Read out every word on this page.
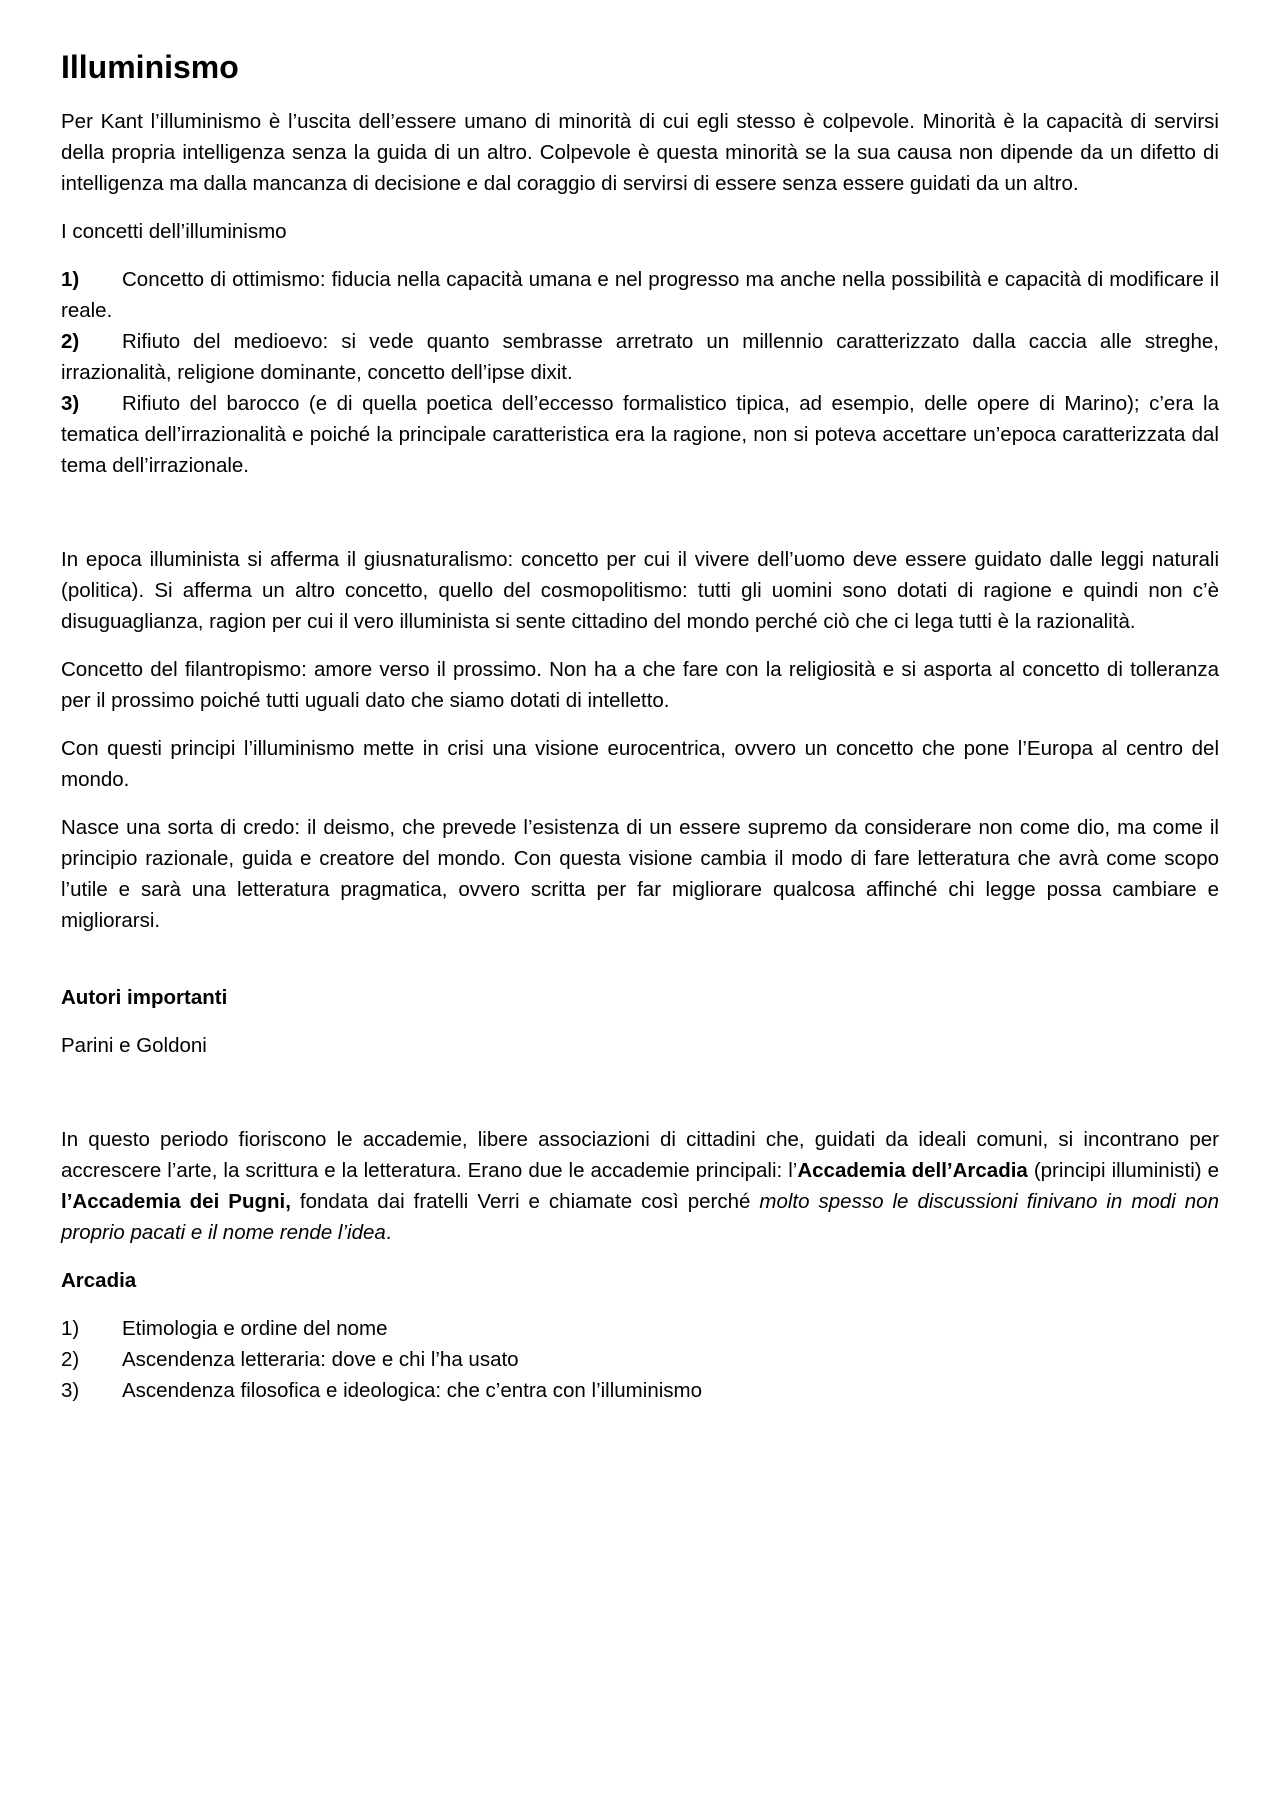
Illuminismo

Per Kant l’illuminismo è l’uscita dell’essere umano di minorità di cui egli stesso è colpevole. Minorità è la capacità di servirsi della propria intelligenza senza la guida di un altro. Colpevole è questa minorità se la sua causa non dipende da un difetto di intelligenza ma dalla mancanza di decisione e dal coraggio di servirsi di essere senza essere guidati da un altro.

I concetti dell’illuminismo

1) Concetto di ottimismo: fiducia nella capacità umana e nel progresso ma anche nella possibilità e capacità di modificare il reale.
2) Rifiuto del medioevo: si vede quanto sembrasse arretrato un millennio caratterizzato dalla caccia alle streghe, irrazionalità, religione dominante, concetto dell’ipse dixit.
3) Rifiuto del barocco (e di quella poetica dell’eccesso formalistico tipica, ad esempio, delle opere di Marino); c’era la tematica dell’irrazionalità e poiché la principale caratteristica era la ragione, non si poteva accettare un’epoca caratterizzata dal tema dell’irrazionale.

In epoca illuminista si afferma il giusnaturalismo: concetto per cui il vivere dell’uomo deve essere guidato dalle leggi naturali (politica). Si afferma un altro concetto, quello del cosmopolitismo: tutti gli uomini sono dotati di ragione e quindi non c’è disuguaglianza, ragion per cui il vero illuminista si sente cittadino del mondo perché ciò che ci lega tutti è la razionalità.

Concetto del filantropismo: amore verso il prossimo. Non ha a che fare con la religiosità e si asporta al concetto di tolleranza per il prossimo poiché tutti uguali dato che siamo dotati di intelletto.

Con questi principi l’illuminismo mette in crisi una visione eurocentrica, ovvero un concetto che pone l’Europa al centro del mondo.

Nasce una sorta di credo: il deismo, che prevede l’esistenza di un essere supremo da considerare non come dio, ma come il principio razionale, guida e creatore del mondo. Con questa visione cambia il modo di fare letteratura che avrà come scopo l’utile e sarà una letteratura pragmatica, ovvero scritta per far migliorare qualcosa affinché chi legge possa cambiare e migliorarsi.

Autori importanti

Parini e Goldoni

In questo periodo fioriscono le accademie, libere associazioni di cittadini che, guidati da ideali comuni, si incontrano per accrescere l’arte, la scrittura e la letteratura. Erano due le accademie principali: l’Accademia dell’Arcadia (principi illuministi) e l’Accademia dei Pugni, fondata dai fratelli Verri e chiamate così perché molto spesso le discussioni finivano in modi non proprio pacati e il nome rende l’idea.

Arcadia

1)	Etimologia e ordine del nome
2)	Ascendenza letteraria: dove e chi l’ha usato
3)	Ascendenza filosofica e ideologica: che c’entra con l’illuminismo
